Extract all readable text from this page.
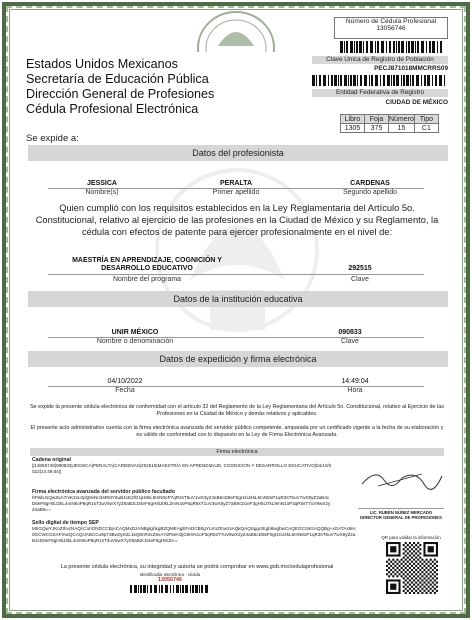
Estados Unidos Mexicanos
Secretaría de Educación Pública
Dirección General de Profesiones
Cédula Profesional Electrónica
Número de Cédula Profesional
13056746
Clave Única de Registro de Población
PECJ871018MMCRRS09
Entidad Federativa de Registro
CIUDAD DE MÉXICO
Libro	Foja	Número	Tipo
1305	375	15	C1
Se expide a:
Datos del profesionista
JESSICA	PERALTA	CARDENAS
Nombre(s)	Primer apellido	Segundo apellido
Quien cumplió con los requisitos establecidos en la Ley Reglamentaria del Artículo 5o. Constitucional, relativo al ejercicio de las profesiones en la Ciudad de México y su Reglamento, la cédula con efectos de patente para ejercer profesionalmente en el nivel de:
MAESTRÍA EN APRENDIZAJE, COGNICIÓN Y DESARROLLO EDUCATIVO	292515
Nombre del programa	Clave
Datos de la institución educativa
UNIR MÉXICO	090833
Nombre o denominación	Clave
Datos de expedición y firma electrónica
04/10/2022	14:49:04
Fecha	Hora
Se expide la presente cédula electrónica de conformidad con el artículo 32 del Reglamento de la Ley Reglamentaria del Artículo 5o. Constitucional, relativo al Ejercicio de las Profesiones en la Ciudad de México y demás relativos y aplicables.
El presente acto administrativo cuenta con la firma electrónica avanzada del servidor público competente, amparada por un certificado vigente a la fecha de su elaboración y es válido de conformidad con lo dispuesto en la Ley de Firma Electrónica Avanzada.
Firma electrónica
Cadena original
||13056746|090833|JESSICA|PERALTA|CARDENAS|292515|MAESTRÍA EN APRENDIZAJE, COGNICIÓN Y DESARROLLO EDUCATIVO|04/10/2022|14:49:04||
LIC. RUBÉN NÚÑEZ MERCADO
DIRECTOR GENERAL DE PROFESIONES
Firma electrónica avanzada del servidor público facultado
hF9dU1QwZaA7mK2xL0pQ8vNn3sR5tY6uB4cE2fG1jH8kL9mN0oP7qR2sT5uV1wX3yZ4aB6cD8eF0gH2iJ4kL6mN8oP1qR3sT5uV7wX9yZ2aB4cD6eF8gH0iJ2kL4mN6oP8qR1sT3uV5wX7yZ9aB2cD4eF6gH8iJ0kL2mN4oP6qR8sT1uV3wX5yZ7aB9cD1eF3gH5iJ7kL9mN1oP3qR5sT7uV9wX2yZ4aB6==
Sello digital de tiempo SEP
MIIGQwYJKoZIhvcNAQcCoIIGNDCCBjACAQMxDzANBglghkgBZQMEAgEFADCB0gYLKoZIhvcNAQkQAQSggcIEgb8wgbwCAQEGCSsGAQQBg+xOATAxMA0GCWCGSAFlAwQCAQUABCCu9pT3Bw0yS2L1kQ8nR4xZ5vA7dF6eH2jG9mN1oP3qR5sT7uV9wX2yZ4aB6cD8eF0gH2iJ4kL6mN8oP1qR3sT5uV7wX9yZ2aB4cD6eF8gH0iJ2kL4mN6oP8qR1sT3uV5wX7yZ9aB2cD4eF6gH8iJ0==
QR para validar la información
La presente cédula electrónica, su integridad y autoría se podrá comprobar en www.gob.mx/cedulaprofesional
Identificador electrónico - cédula
13056746
